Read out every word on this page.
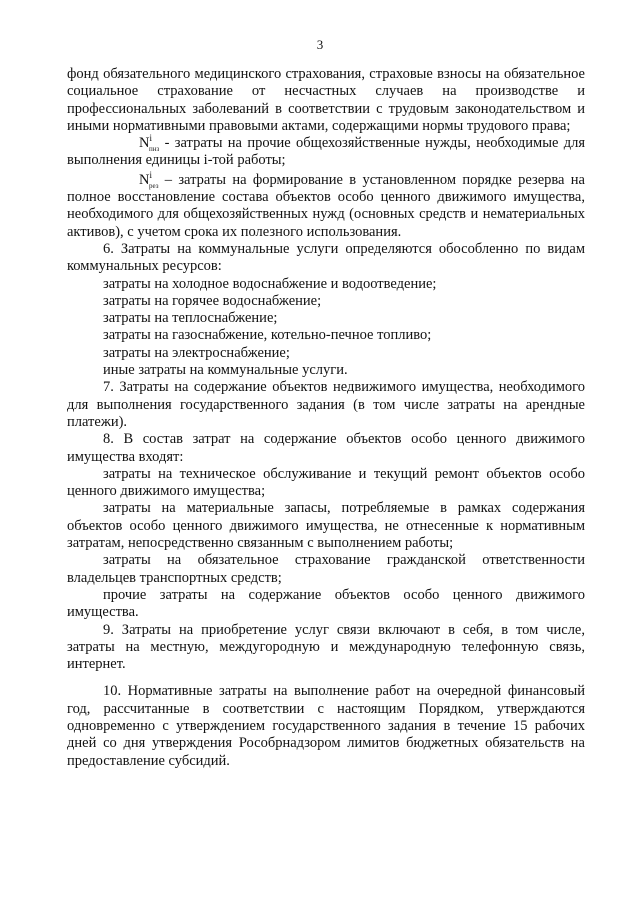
3

фонд обязательного медицинского страхования, страховые взносы на обязательное социальное страхование от несчастных случаев на производстве и профессиональных заболеваний в соответствии с трудовым законодательством и иными нормативными правовыми актами, содержащими нормы трудового права;

$N^i_{пнз}$ - затраты на прочие общехозяйственные нужды, необходимые для выполнения единицы i-той работы;

$N^i_{рез}$ – затраты на формирование в установленном порядке резерва на полное восстановление состава объектов особо ценного движимого имущества, необходимого для общехозяйственных нужд (основных средств и нематериальных активов), с учетом срока их полезного использования.

6. Затраты на коммунальные услуги определяются обособленно по видам коммунальных ресурсов:

затраты на холодное водоснабжение и водоотведение;

затраты на горячее водоснабжение;

затраты на теплоснабжение;

затраты на газоснабжение, котельно-печное топливо;

затраты на электроснабжение;

иные затраты на коммунальные услуги.

7. Затраты на содержание объектов недвижимого имущества, необходимого для выполнения государственного задания (в том числе затраты на арендные платежи).

8. В состав затрат на содержание объектов особо ценного движимого имущества входят:

затраты на техническое обслуживание и текущий ремонт объектов особо ценного движимого имущества;

затраты на материальные запасы, потребляемые в рамках содержания объектов особо ценного движимого имущества, не отнесенные к нормативным затратам, непосредственно связанным с выполнением работы;

затраты на обязательное страхование гражданской ответственности владельцев транспортных средств;

прочие затраты на содержание объектов особо ценного движимого имущества.

9. Затраты на приобретение услуг связи включают в себя, в том числе, затраты на местную, междугородную и международную телефонную связь, интернет.

10. Нормативные затраты на выполнение работ на очередной финансовый год, рассчитанные в соответствии с настоящим Порядком, утверждаются одновременно с утверждением государственного задания в течение 15 рабочих дней со дня утверждения Рособрнадзором лимитов бюджетных обязательств на предоставление субсидий.
